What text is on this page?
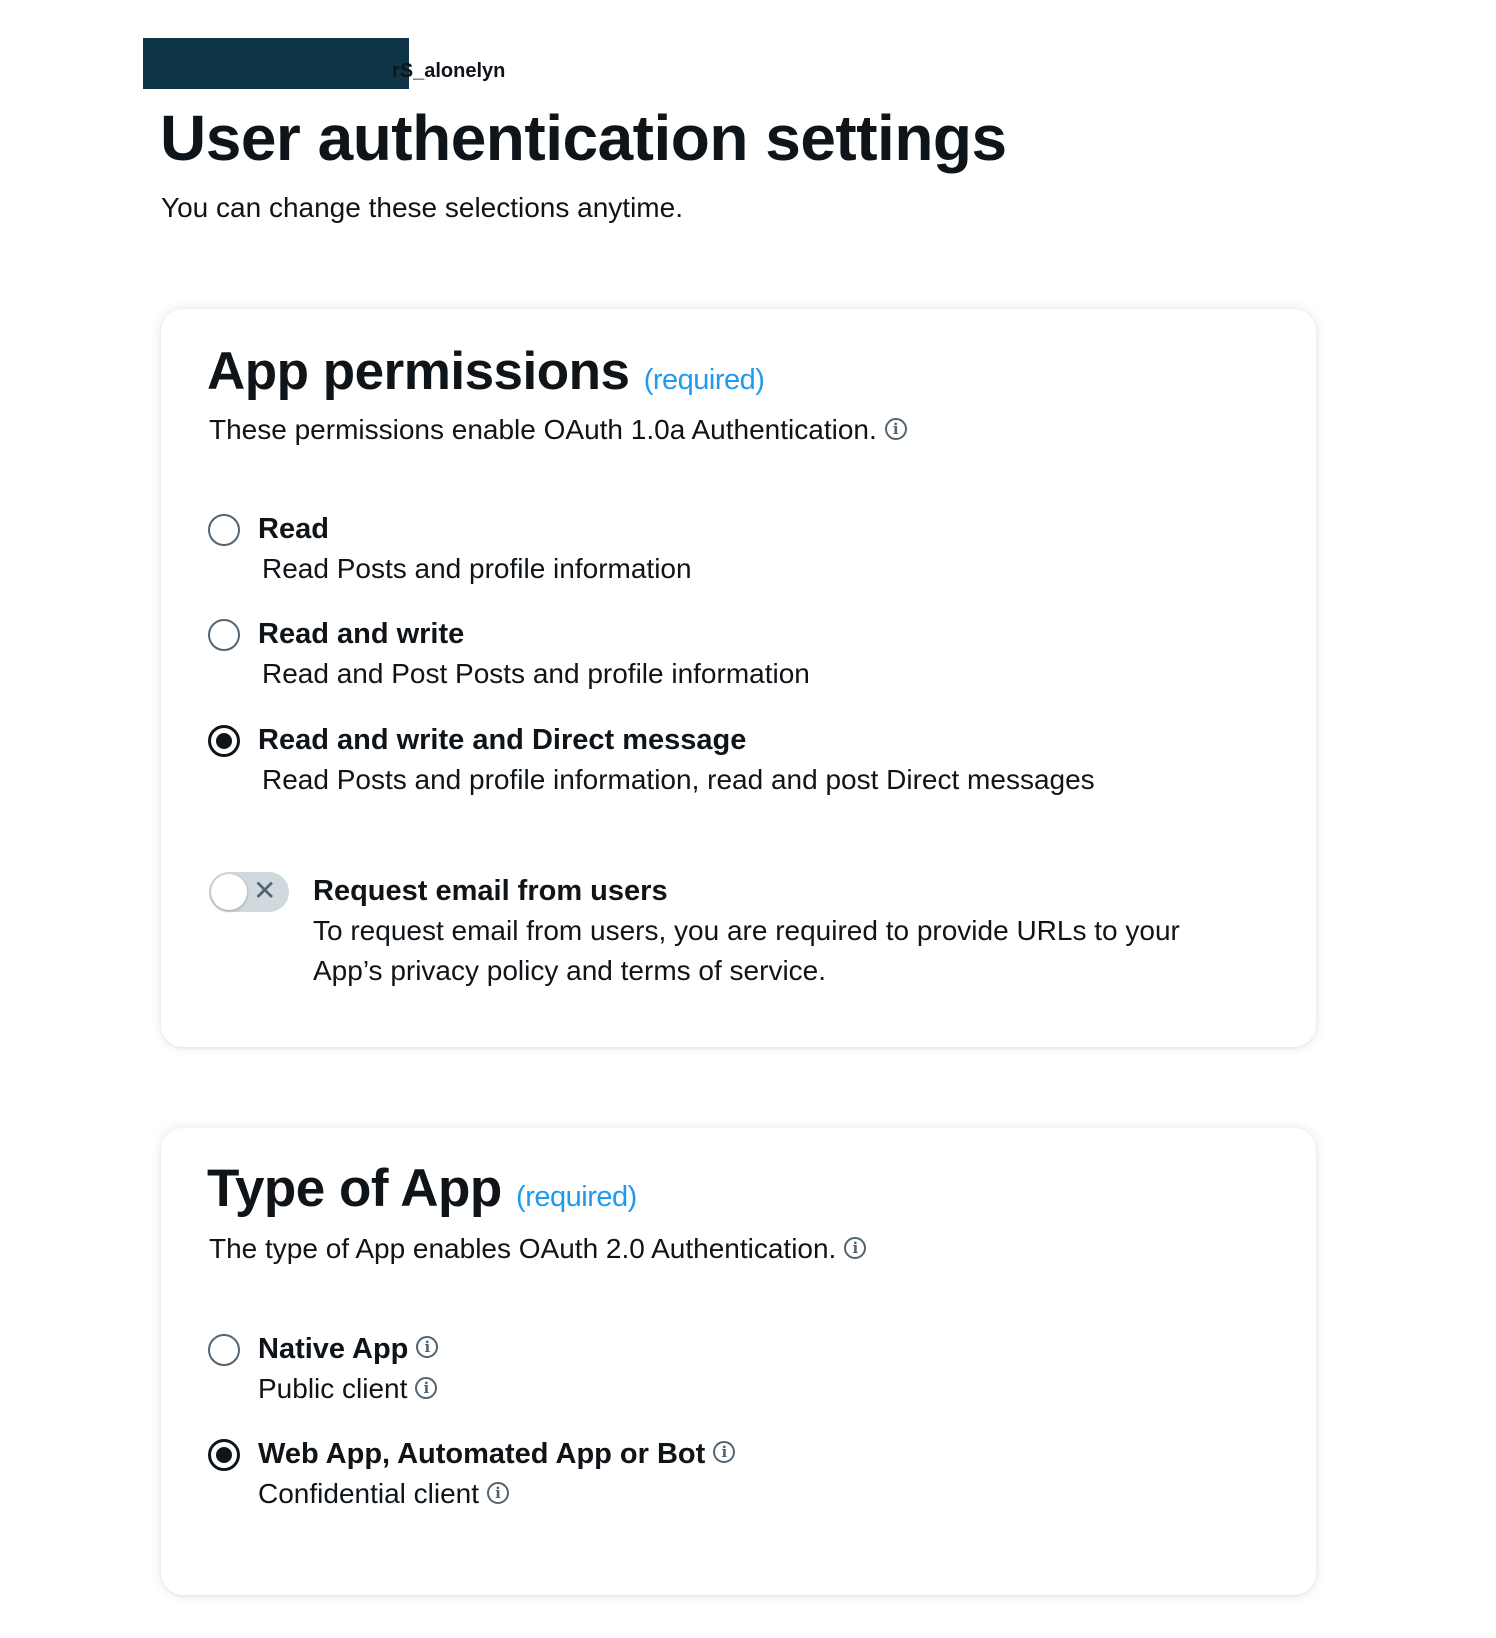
rS_alonelyn
User authentication settings

You can change these selections anytime.

App permissions (required)
These permissions enable OAuth 1.0a Authentication. i
Read
Read Posts and profile information
Read and write
Read and Post Posts and profile information
Read and write and Direct message
Read Posts and profile information, read and post Direct messages
✕ Request email from users
To request email from users, you are required to provide URLs to your
App’s privacy policy and terms of service.
Type of App (required)
The type of App enables OAuth 2.0 Authentication. i
Native App i
Public client i
Web App, Automated App or Bot i
Confidential client i
